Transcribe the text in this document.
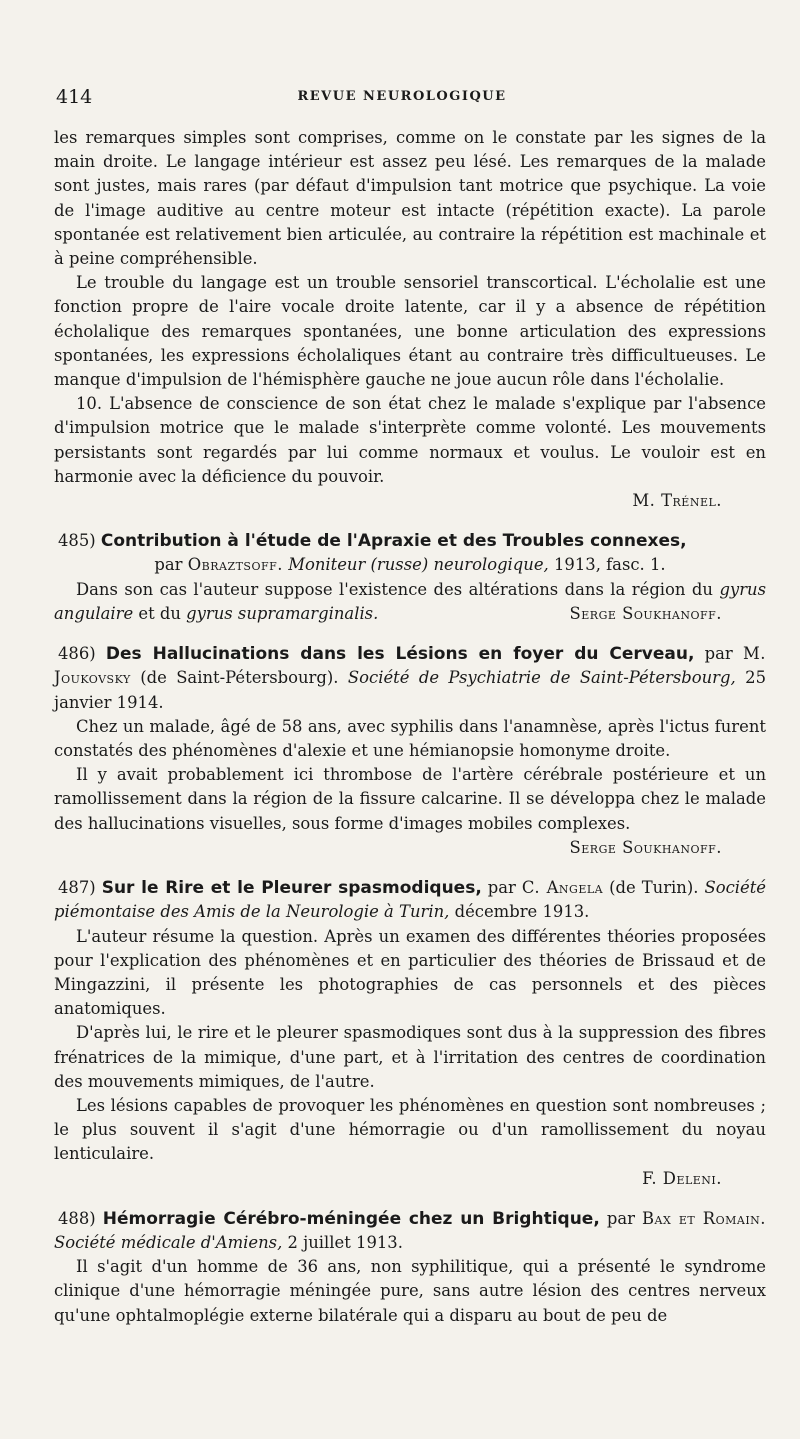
414	REVUE NEUROLOGIQUE

les remarques simples sont comprises, comme on le constate par les signes de la main droite. Le langage intérieur est assez peu lésé. Les remarques de la malade sont justes, mais rares (par défaut d'impulsion tant motrice que psychique. La voie de l'image auditive au centre moteur est intacte (répétition exacte). La parole spontanée est relativement bien articulée, au contraire la répétition est machinale et à peine compréhensible.

Le trouble du langage est un trouble sensoriel transcortical. L'écholalie est une fonction propre de l'aire vocale droite latente, car il y a absence de répétition écholalique des remarques spontanées, une bonne articulation des expressions spontanées, les expressions écholaliques étant au contraire très difficultueuses. Le manque d'impulsion de l'hémisphère gauche ne joue aucun rôle dans l'écholalie.

10. L'absence de conscience de son état chez le malade s'explique par l'absence d'impulsion motrice que le malade s'interprète comme volonté. Les mouvements persistants sont regardés par lui comme normaux et voulus. Le vouloir est en harmonie avec la déficience du pouvoir.

M. Trénel.

485) Contribution à l'étude de l'Apraxie et des Troubles connexes,

par Obraztsoff. Moniteur (russe) neurologique, 1913, fasc. 1.

Dans son cas l'auteur suppose l'existence des altérations dans la région du gyrus angulaire et du gyrus supramarginalis.	Serge Soukhanoff.

486) Des Hallucinations dans les Lésions en foyer du Cerveau, par M. Joukovsky (de Saint-Pétersbourg). Société de Psychiatrie de Saint-Pétersbourg, 25 janvier 1914.

Chez un malade, âgé de 58 ans, avec syphilis dans l'anamnèse, après l'ictus furent constatés des phénomènes d'alexie et une hémianopsie homonyme droite.

Il y avait probablement ici thrombose de l'artère cérébrale postérieure et un ramollissement dans la région de la fissure calcarine. Il se développa chez le malade des hallucinations visuelles, sous forme d'images mobiles complexes.

Serge Soukhanoff.

487) Sur le Rire et le Pleurer spasmodiques, par C. Angela (de Turin). Société piémontaise des Amis de la Neurologie à Turin, décembre 1913.

L'auteur résume la question. Après un examen des différentes théories proposées pour l'explication des phénomènes et en particulier des théories de Brissaud et de Mingazzini, il présente les photographies de cas personnels et des pièces anatomiques.

D'après lui, le rire et le pleurer spasmodiques sont dus à la suppression des fibres frénatrices de la mimique, d'une part, et à l'irritation des centres de coordination des mouvements mimiques, de l'autre.

Les lésions capables de provoquer les phénomènes en question sont nombreuses ; le plus souvent il s'agit d'une hémorragie ou d'un ramollissement du noyau lenticulaire.

F. Deleni.

488) Hémorragie Cérébro-méningée chez un Brightique, par Bax et Romain. Société médicale d'Amiens, 2 juillet 1913.

Il s'agit d'un homme de 36 ans, non syphilitique, qui a présenté le syndrome clinique d'une hémorragie méningée pure, sans autre lésion des centres nerveux qu'une ophtalmoplégie externe bilatérale qui a disparu au bout de peu de
